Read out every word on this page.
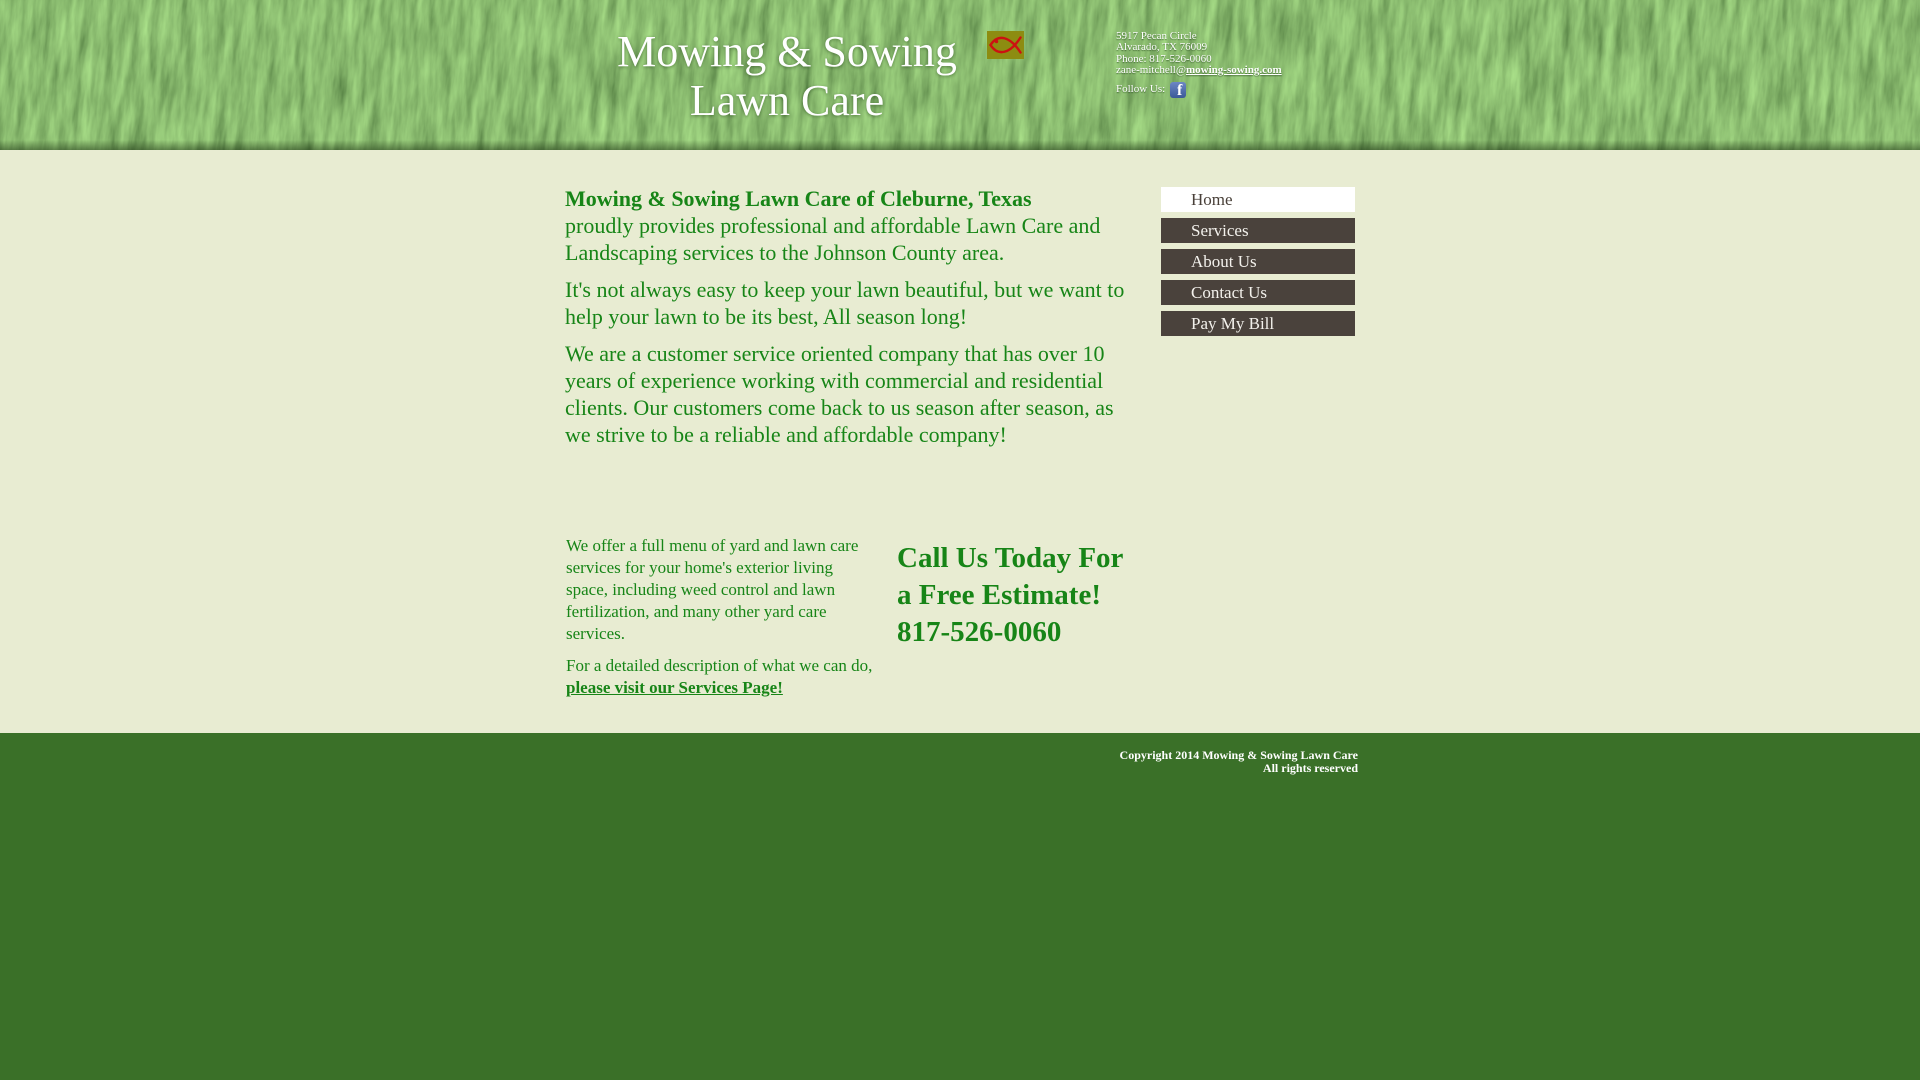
Mowing & Sowing
Lawn Care
5917 Pecan Circle
Alvarado, TX 76009
Phone: 817-526-0060
zane-mitchell@mowing-sowing.com
Follow Us: f

Mowing & Sowing Lawn Care of Cleburne, Texas
proudly provides professional and affordable Lawn Care and Landscaping services to the Johnson County area.

It's not always easy to keep your lawn beautiful, but we want to help your lawn to be its best, All season long!

We are a customer service oriented company that has over 10 years of experience working with commercial and residential clients. Our customers come back to us season after season, as we strive to be a reliable and affordable company!

Home
Services
About Us
Contact Us
Pay My Bill

We offer a full menu of yard and lawn care services for your home's exterior living space, including weed control and lawn fertilization, and many other yard care services.

For a detailed description of what we can do, please visit our Services Page!

Call Us Today For a Free Estimate! 817-526-0060
Copyright 2014 Mowing & Sowing Lawn Care
All rights reserved
